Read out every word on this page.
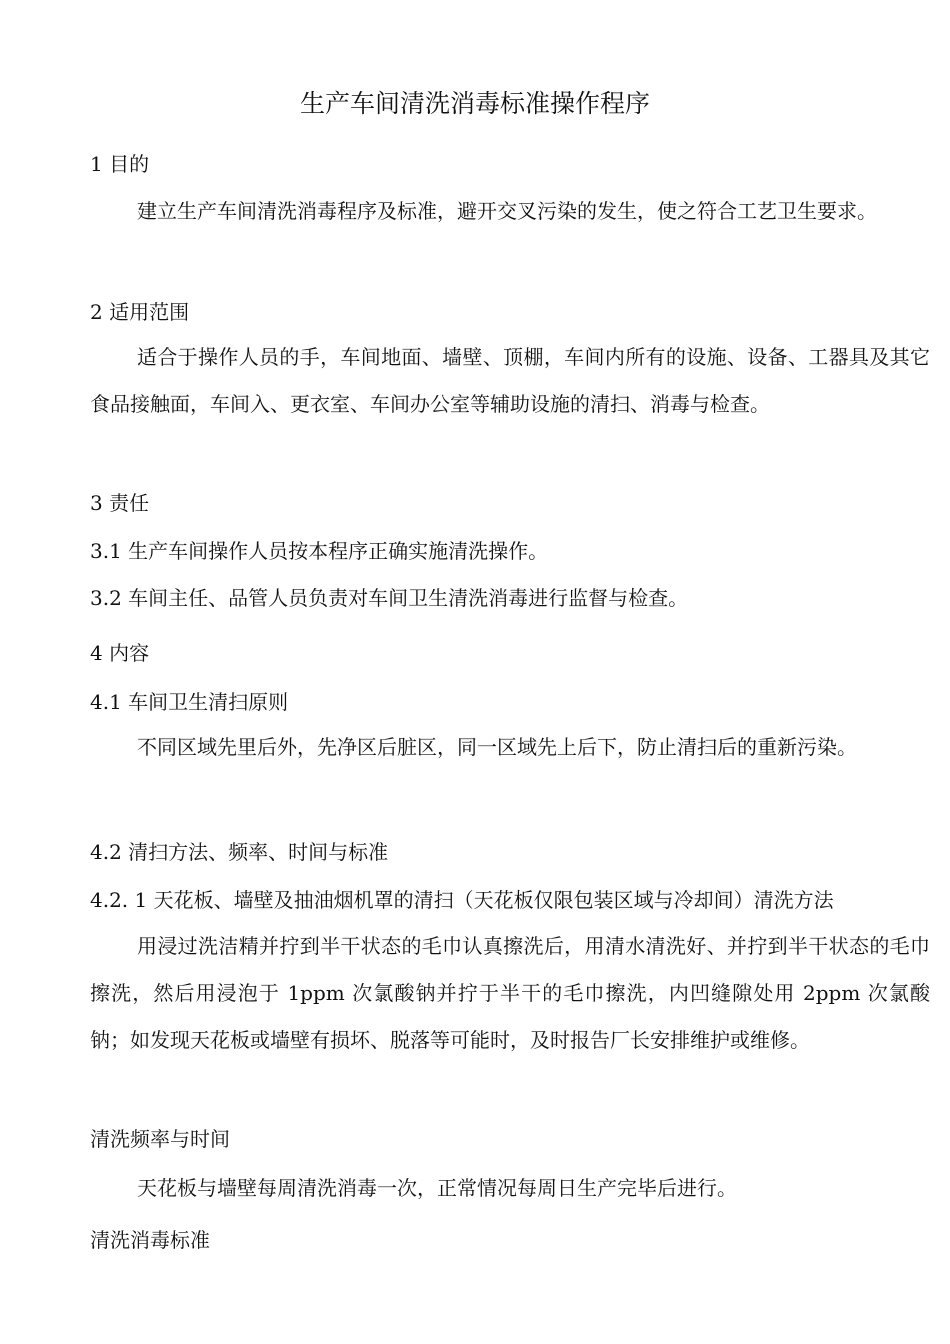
生产车间清洗消毒标准操作程序
1 目的
建立生产车间清洗消毒程序及标准，避开交叉污染的发生，使之符合工艺卫生要求。
2 适用范围
适合于操作人员的手，车间地面、墙壁、顶棚，车间内所有的设施、设备、工器具及其它食品接触面，车间入、更衣室、车间办公室等辅助设施的清扫、消毒与检查。
3 责任
3.1 生产车间操作人员按本程序正确实施清洗操作。
3.2 车间主任、品管人员负责对车间卫生清洗消毒进行监督与检查。
4 内容
4.1 车间卫生清扫原则
不同区域先里后外，先净区后脏区，同一区域先上后下，防止清扫后的重新污染。
4.2 清扫方法、频率、时间与标准
4.2. 1 天花板、墙壁及抽油烟机罩的清扫（天花板仅限包装区域与冷却间）清洗方法
用浸过洗洁精并拧到半干状态的毛巾认真擦洗后，用清水清洗好、并拧到半干状态的毛巾擦洗，然后用浸泡于 1ppm 次氯酸钠并拧于半干的毛巾擦洗，内凹缝隙处用 2ppm 次氯酸钠；如发现天花板或墙壁有损坏、脱落等可能时，及时报告厂长安排维护或维修。
清洗频率与时间
天花板与墙壁每周清洗消毒一次，正常情况每周日生产完毕后进行。
清洗消毒标准
